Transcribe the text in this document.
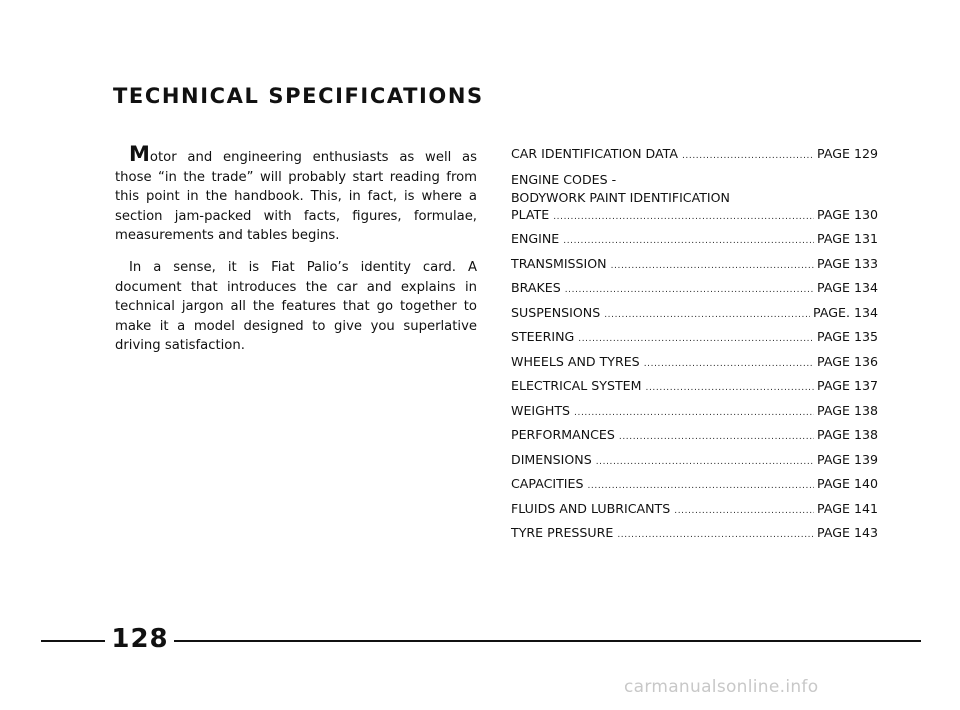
TECHNICAL SPECIFICATIONS

Motor and engineering enthusiasts as well as those “in the trade” will probably start reading from this point in the handbook. This, in fact, is where a section jam-packed with facts, figures, formulae, measurements and tables begins.

In a sense, it is Fiat Palio’s identity card. A document that introduces the car and explains in technical jargon all the features that go together to make it a model designed to give you superlative driving satisfaction.

CAR IDENTIFICATION DATA .....	PAGE 129
ENGINE CODES -
BODYWORK PAINT IDENTIFICATION
PLATE .....	PAGE 130
ENGINE .....	PAGE 131
TRANSMISSION .....	PAGE 133
BRAKES .....	PAGE 134
SUSPENSIONS .....	PAGE. 134
STEERING .....	PAGE 135
WHEELS AND TYRES .....	PAGE 136
ELECTRICAL SYSTEM .....	PAGE 137
WEIGHTS .....	PAGE 138
PERFORMANCES .....	PAGE 138
DIMENSIONS .....	PAGE 139
CAPACITIES .....	PAGE 140
FLUIDS AND LUBRICANTS .....	PAGE 141
TYRE PRESSURE .....	PAGE 143
128
carmanualsonline.info
